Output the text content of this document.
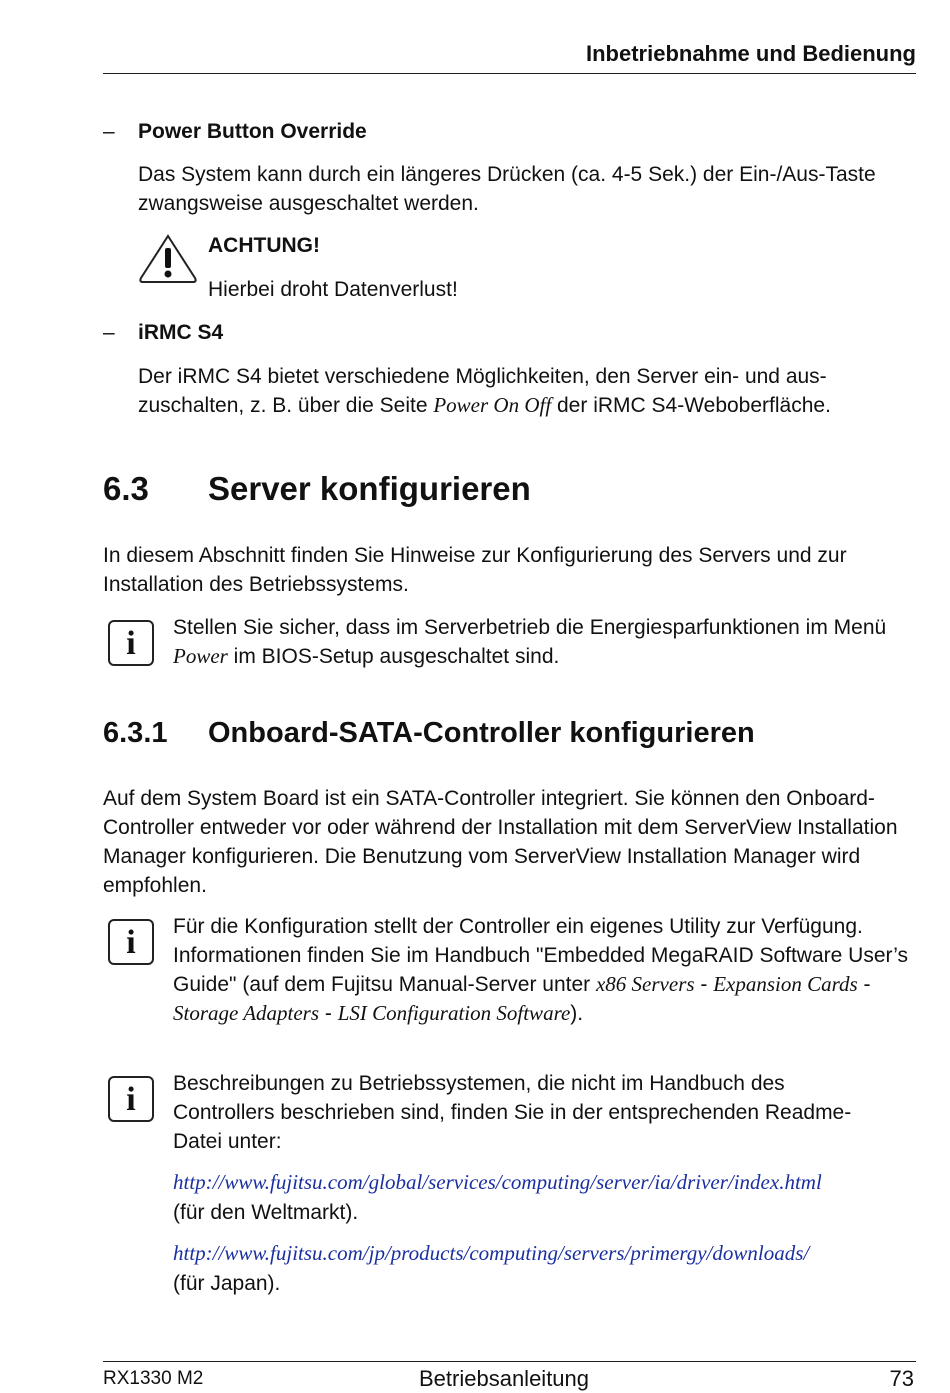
Inbetriebnahme und Bedienung
– Power Button Override
Das System kann durch ein längeres Drücken (ca. 4-5 Sek.) der Ein-/Aus-Taste zwangsweise ausgeschaltet werden.
ACHTUNG!
Hierbei droht Datenverlust!
– iRMC S4
Der iRMC S4 bietet verschiedene Möglichkeiten, den Server ein- und aus-
zuschalten, z. B. über die Seite Power On Off der iRMC S4-Weboberfläche.
6.3 Server konfigurieren
In diesem Abschnitt finden Sie Hinweise zur Konfigurierung des Servers und zur Installation des Betriebssystems.
i	Stellen Sie sicher, dass im Serverbetrieb die Energiesparfunktionen im Menü Power im BIOS-Setup ausgeschaltet sind.
6.3.1 Onboard-SATA-Controller konfigurieren
Auf dem System Board ist ein SATA-Controller integriert. Sie können den Onboard-Controller entweder vor oder während der Installation mit dem ServerView Installation Manager konfigurieren. Die Benutzung vom ServerView Installation Manager wird empfohlen.
i	Für die Konfiguration stellt der Controller ein eigenes Utility zur Verfügung. Informationen finden Sie im Handbuch "Embedded MegaRAID Software User’s Guide" (auf dem Fujitsu Manual-Server unter x86 Servers - Expansion Cards - Storage Adapters - LSI Configuration Software).
i	Beschreibungen zu Betriebssystemen, die nicht im Handbuch des Controllers beschrieben sind, finden Sie in der entsprechenden Readme-Datei unter:
http://www.fujitsu.com/global/services/computing/server/ia/driver/index.html
(für den Weltmarkt).
http://www.fujitsu.com/jp/products/computing/servers/primergy/downloads/
(für Japan).
RX1330 M2	Betriebsanleitung	73
